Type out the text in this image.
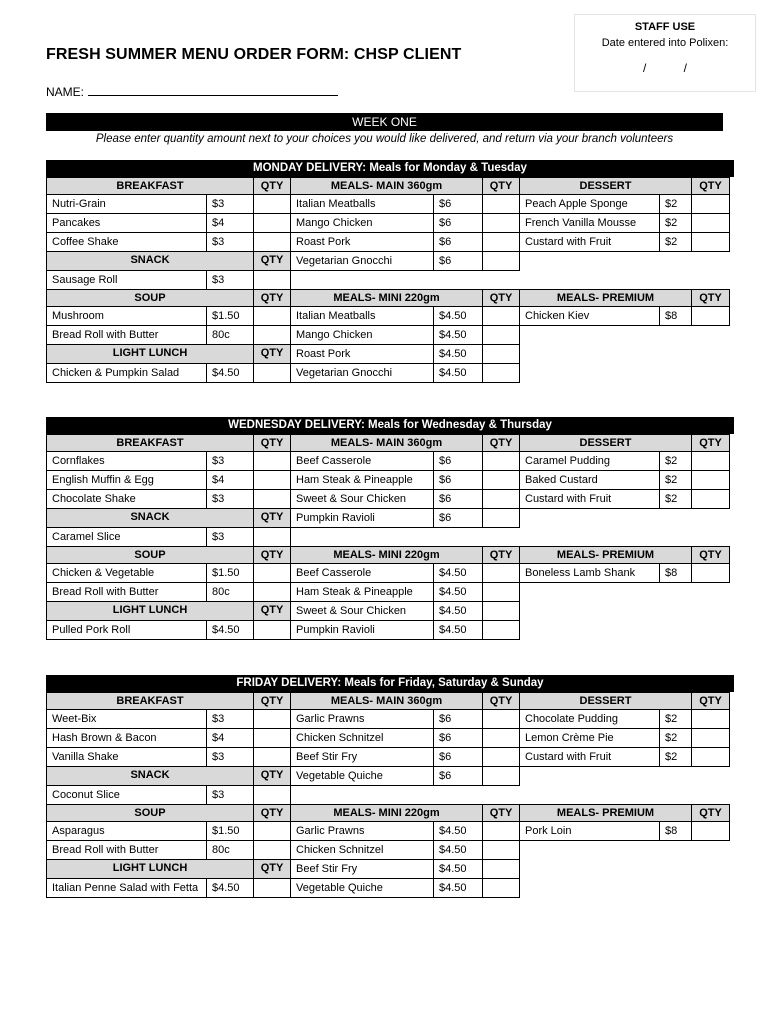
STAFF USE
Date entered into Polixen:
/ /
FRESH SUMMER MENU ORDER FORM: CHSP CLIENT
NAME:
WEEK ONE
Please enter quantity amount next to your choices you would like delivered, and return via your branch volunteers
MONDAY DELIVERY: Meals for Monday & Tuesday
BREAKFAST		QTY	MEALS- MAIN 360gm		QTY	DESSERT		QTY
Nutri-Grain	$3		Italian Meatballs	$6		Peach Apple Sponge	$2	
Pancakes	$4		Mango Chicken	$6		French Vanilla Mousse	$2	
Coffee Shake	$3		Roast Pork	$6		Custard with Fruit	$2	
SNACK		QTY	Vegetarian Gnocchi	$6				
Sausage Roll	$3							
SOUP		QTY	MEALS- MINI 220gm		QTY	MEALS- PREMIUM		QTY
Mushroom	$1.50		Italian Meatballs	$4.50		Chicken Kiev	$8	
Bread Roll with Butter	80c		Mango Chicken	$4.50				
LIGHT LUNCH		QTY	Roast Pork	$4.50				
Chicken & Pumpkin Salad	$4.50		Vegetarian Gnocchi	$4.50				
WEDNESDAY DELIVERY: Meals for Wednesday & Thursday
BREAKFAST		QTY	MEALS- MAIN 360gm		QTY	DESSERT		QTY
Cornflakes	$3		Beef Casserole	$6		Caramel Pudding	$2	
English Muffin & Egg	$4		Ham Steak & Pineapple	$6		Baked Custard	$2	
Chocolate Shake	$3		Sweet & Sour Chicken	$6		Custard with Fruit	$2	
SNACK		QTY	Pumpkin Ravioli	$6				
Caramel Slice	$3							
SOUP		QTY	MEALS- MINI 220gm		QTY	MEALS- PREMIUM		QTY
Chicken & Vegetable	$1.50		Beef Casserole	$4.50		Boneless Lamb Shank	$8	
Bread Roll with Butter	80c		Ham Steak & Pineapple	$4.50				
LIGHT LUNCH		QTY	Sweet & Sour Chicken	$4.50				
Pulled Pork Roll	$4.50		Pumpkin Ravioli	$4.50				
FRIDAY DELIVERY: Meals for Friday, Saturday & Sunday
BREAKFAST		QTY	MEALS- MAIN 360gm		QTY	DESSERT		QTY
Weet-Bix	$3		Garlic Prawns	$6		Chocolate Pudding	$2	
Hash Brown & Bacon	$4		Chicken Schnitzel	$6		Lemon Crème Pie	$2	
Vanilla Shake	$3		Beef Stir Fry	$6		Custard with Fruit	$2	
SNACK		QTY	Vegetable Quiche	$6				
Coconut Slice	$3							
SOUP		QTY	MEALS- MINI 220gm		QTY	MEALS- PREMIUM		QTY
Asparagus	$1.50		Garlic Prawns	$4.50		Pork Loin	$8	
Bread Roll with Butter	80c		Chicken Schnitzel	$4.50				
LIGHT LUNCH		QTY	Beef Stir Fry	$4.50				
Italian Penne Salad with Fetta	$4.50		Vegetable Quiche	$4.50				
